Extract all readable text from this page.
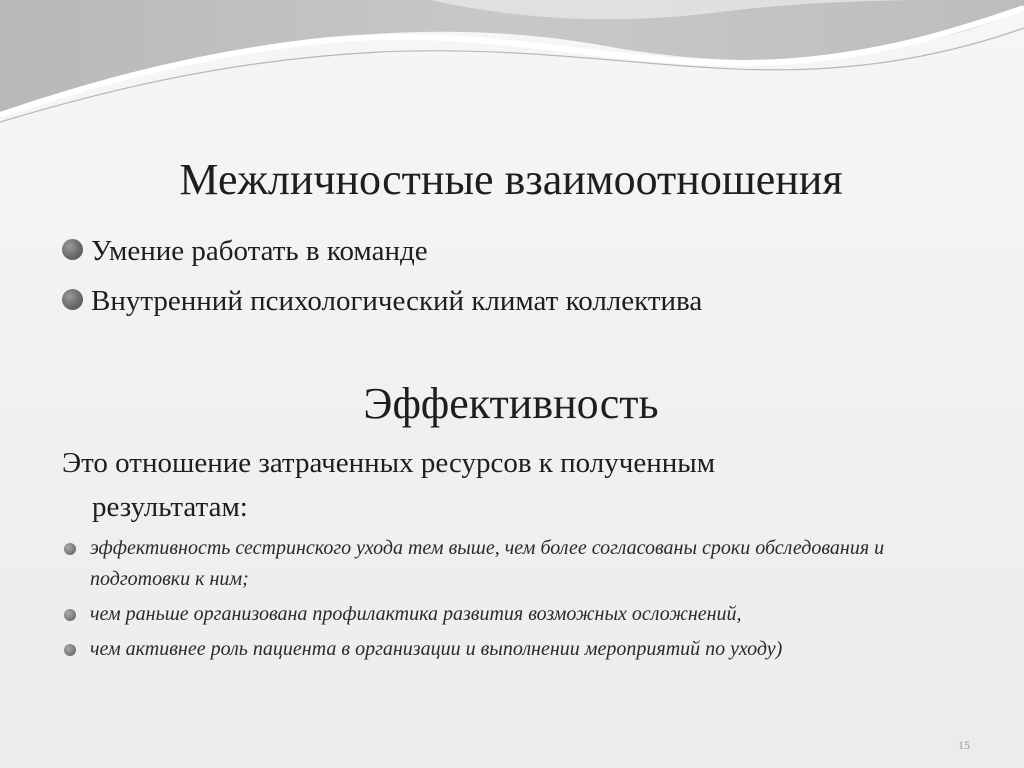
Межличностные взаимоотношения
Умение работать в команде
Внутренний психологический климат коллектива
Эффективность
Это отношение затраченных ресурсов к полученным
результатам:
эффективность сестринского ухода тем выше, чем более согласованы сроки обследования и подготовки к ним;
чем раньше организована профилактика развития возможных осложнений,
чем активнее роль пациента в организации и выполнении мероприятий по уходу)
15
